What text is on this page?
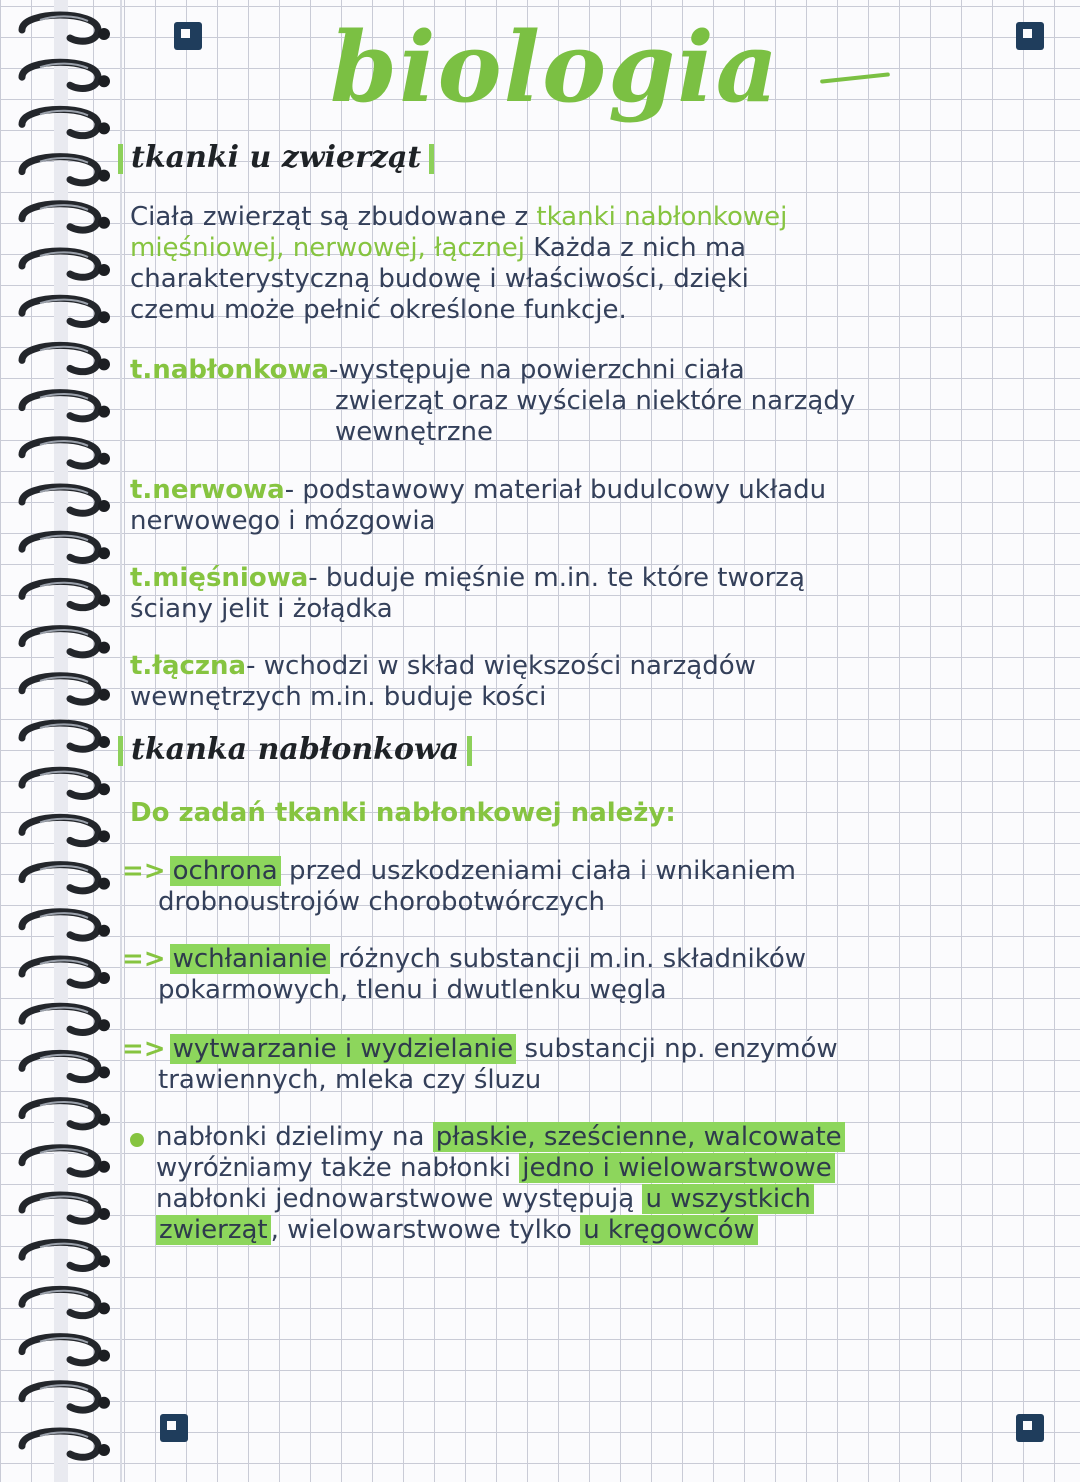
biologia
tkanki u zwierząt
Ciała zwierząt są zbudowane z tkanki nabłonkowej
mięśniowej, nerwowej, łącznej Każda z nich ma
charakterystyczną budowę i właściwości, dzięki
czemu może pełnić określone funkcje.
t.nabłonkowa-występuje na powierzchni ciała
zwierząt oraz wyściela niektóre narządy
wewnętrzne
t.nerwowa- podstawowy materiał budulcowy układu
nerwowego i mózgowia
t.mięśniowa- buduje mięśnie m.in. te które tworzą
ściany jelit i żołądka
t.łączna- wchodzi w skład większości narządów
wewnętrzych m.in. buduje kości
tkanka nabłonkowa
Do zadań tkanki nabłonkowej należy:
=> ochrona przed uszkodzeniami ciała i wnikaniem
drobnoustrojów chorobotwórczych
=> wchłanianie różnych substancji m.in. składników
pokarmowych, tlenu i dwutlenku węgla
=> wytwarzanie i wydzielanie substancji np. enzymów
trawiennych, mleka czy śluzu
nabłonki dzielimy na płaskie, sześcienne, walcowate
wyróżniamy także nabłonki jedno i wielowarstwowe
nabłonki jednowarstwowe występują u wszystkich
zwierząt , wielowarstwowe tylko u kręgowców
